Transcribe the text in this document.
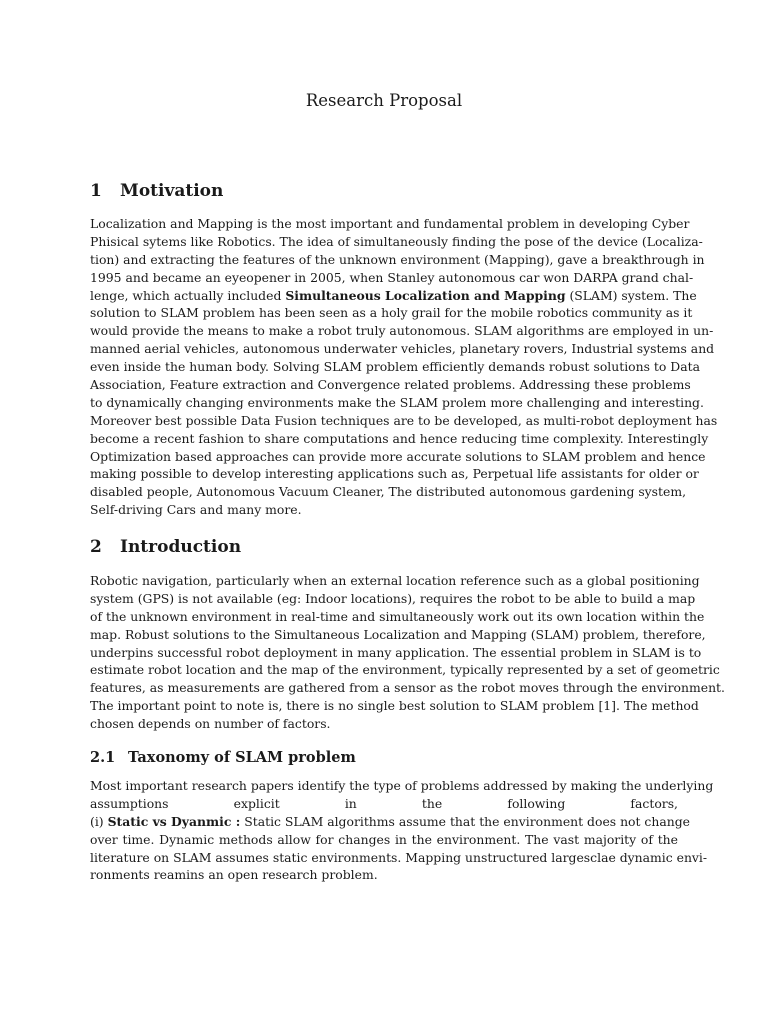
Research Proposal
1 Motivation
Localization and Mapping is the most important and fundamental problem in developing Cyber
Phisical sytems like Robotics. The idea of simultaneously finding the pose of the device (Localiza-
tion) and extracting the features of the unknown environment (Mapping), gave a breakthrough in
1995 and became an eyeopener in 2005, when Stanley autonomous car won DARPA grand chal-
lenge, which actually included Simultaneous Localization and Mapping (SLAM) system. The
solution to SLAM problem has been seen as a holy grail for the mobile robotics community as it
would provide the means to make a robot truly autonomous. SLAM algorithms are employed in un-
manned aerial vehicles, autonomous underwater vehicles, planetary rovers, Industrial systems and
even inside the human body. Solving SLAM problem efficiently demands robust solutions to Data
Association, Feature extraction and Convergence related problems. Addressing these problems
to dynamically changing environments make the SLAM prolem more challenging and interesting.
Moreover best possible Data Fusion techniques are to be developed, as multi-robot deployment has
become a recent fashion to share computations and hence reducing time complexity. Interestingly
Optimization based approaches can provide more accurate solutions to SLAM problem and hence
making possible to develop interesting applications such as, Perpetual life assistants for older or
disabled people, Autonomous Vacuum Cleaner, The distributed autonomous gardening system,
Self-driving Cars and many more.
2 Introduction
Robotic navigation, particularly when an external location reference such as a global positioning
system (GPS) is not available (eg: Indoor locations), requires the robot to be able to build a map
of the unknown environment in real-time and simultaneously work out its own location within the
map. Robust solutions to the Simultaneous Localization and Mapping (SLAM) problem, therefore,
underpins successful robot deployment in many application. The essential problem in SLAM is to
estimate robot location and the map of the environment, typically represented by a set of geometric
features, as measurements are gathered from a sensor as the robot moves through the environment.
The important point to note is, there is no single best solution to SLAM problem [1]. The method
chosen depends on number of factors.
2.1 Taxonomy of SLAM problem
Most important research papers identify the type of problems addressed by making the underlying
assumptions explicit in the following factors,
(i) Static vs Dyanmic : Static SLAM algorithms assume that the environment does not change
over time. Dynamic methods allow for changes in the environment. The vast majority of the
literature on SLAM assumes static environments. Mapping unstructured largesclae dynamic envi-
ronments reamins an open research problem.
